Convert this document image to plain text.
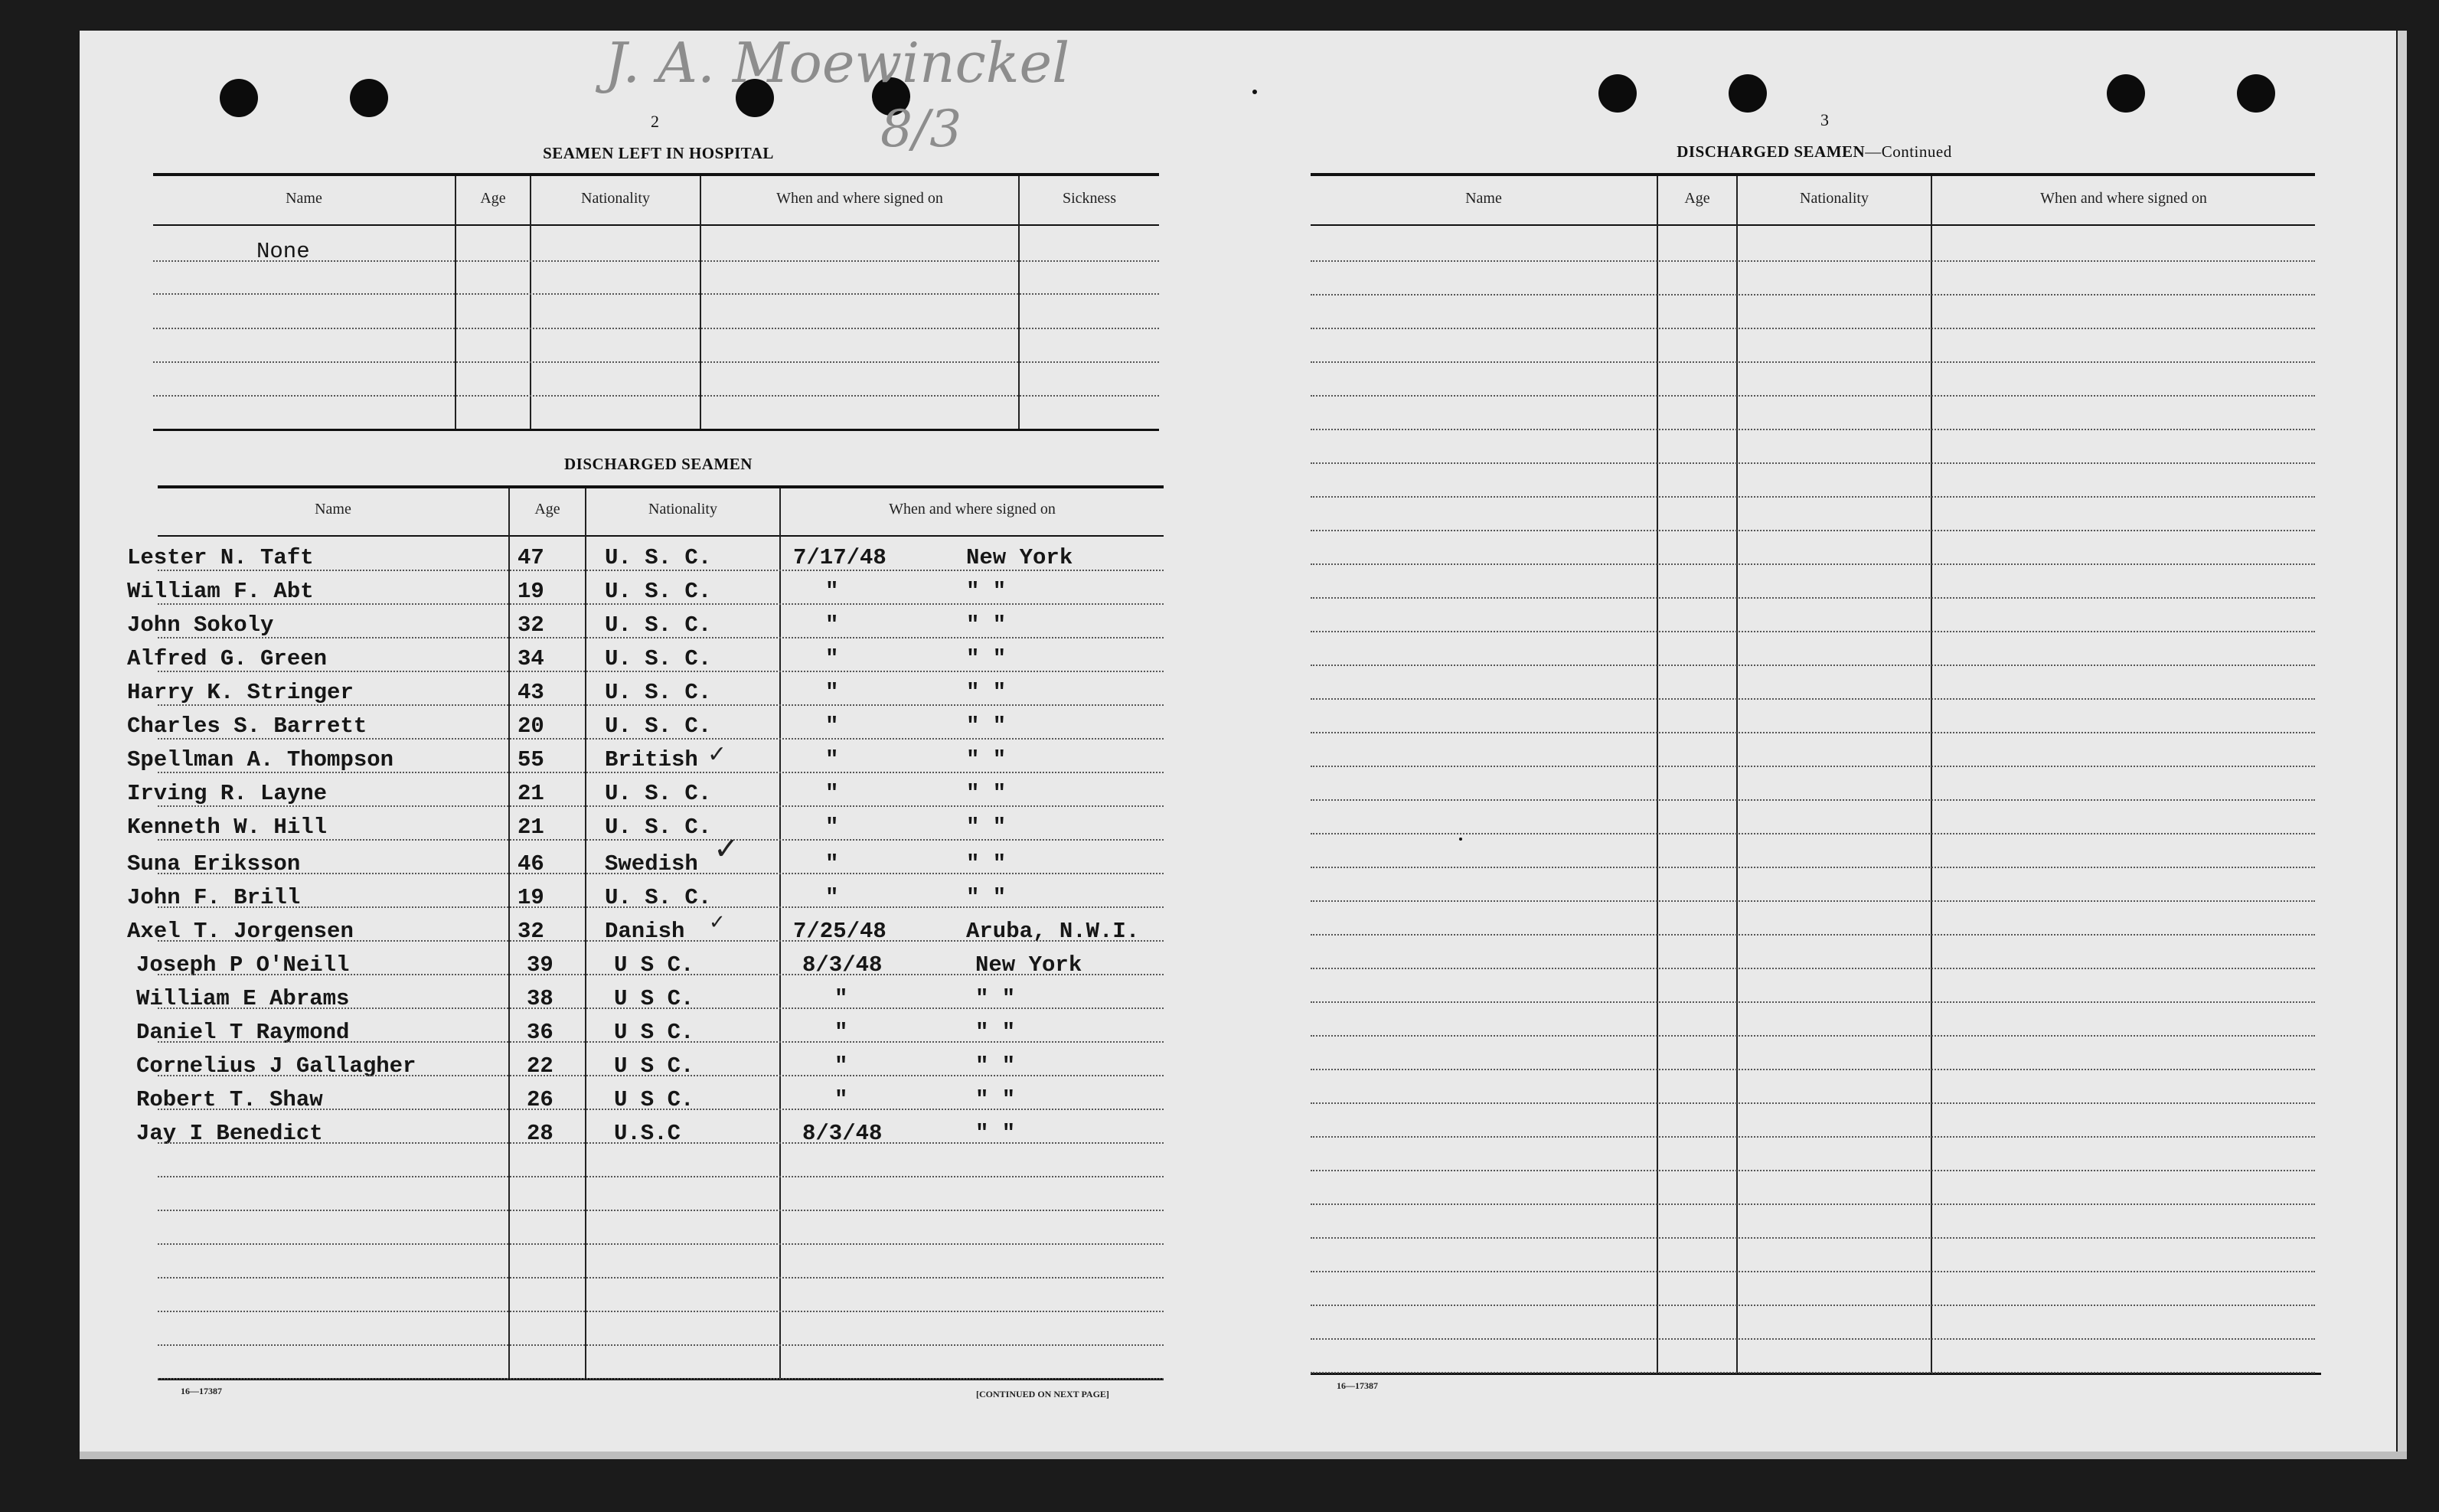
J. A. Moewinckel
8/3
2
SEAMEN LEFT IN HOSPITAL
Name	Age	Nationality	When and where signed on	Sickness
None
DISCHARGED SEAMEN
Name	Age	Nationality	When and where signed on
Lester N. Taft	47	U. S. C.	7/17/48	New York
William F. Abt	19	U. S. C.	"	" "
John Sokoly	32	U. S. C.	"	" "
Alfred G. Green	34	U. S. C.	"	" "
Harry K. Stringer	43	U. S. C.	"	" "
Charles S. Barrett	20	U. S. C.	"	" "
Spellman A. Thompson	55	British	"	" "
Irving R. Layne	21	U. S. C.	"	" "
Kenneth W. Hill	21	U. S. C.	"	" "
Suna Eriksson	46	Swedish	"	" "
John F. Brill	19	U. S. C.	"	" "
Axel T. Jorgensen	32	Danish	7/25/48	Aruba, N.W.I.
Joseph P O'Neill	39	U S C.	8/3/48	New York
William E Abrams	38	U S C.	"	" "
Daniel T Raymond	36	U S C.	"	" "
Cornelius J Gallagher	22	U S C.	"	" "
Robert T. Shaw	26	U S C.	"	" "
Jay I Benedict	28	U.S.C	8/3/48	" "
✓
✓
✓
16—17387	[CONTINUED ON NEXT PAGE]
3
DISCHARGED SEAMEN—Continued
Name	Age	Nationality	When and where signed on
16—17387
